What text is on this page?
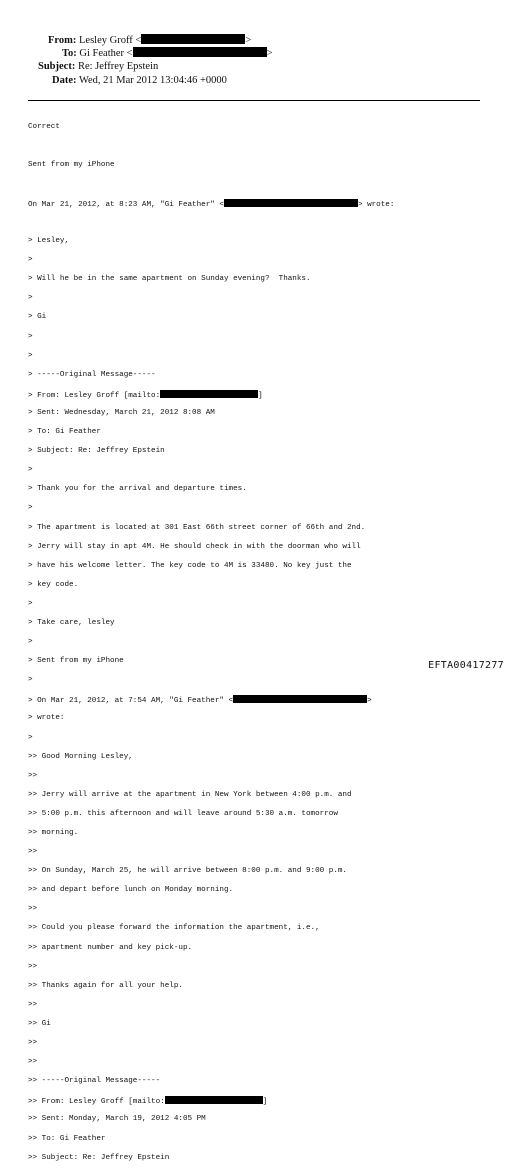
From: Lesley Groff <	>
To: Gi Feather <	>
Subject: Re: Jeffrey Epstein
Date: Wed, 21 Mar 2012 13:04:46 +0000

Correct

Sent from my iPhone

On Mar 21, 2012, at 8:23 AM, "Gi Feather" <	> wrote:

> Lesley,

>

> Will he be in the same apartment on Sunday evening?  Thanks.

>

> Gi

>

>

> -----Original Message-----

> From: Lesley Groff [mailto:	]

> Sent: Wednesday, March 21, 2012 8:08 AM

> To: Gi Feather

> Subject: Re: Jeffrey Epstein

>

> Thank you for the arrival and departure times.

>

> The apartment is located at 301 East 66th street corner of 66th and 2nd.

> Jerry will stay in apt 4M. He should check in with the doorman who will

> have his welcome letter. The key code to 4M is 33480. No key just the

> key code.

>

> Take care, lesley

>

> Sent from my iPhone

>

> On Mar 21, 2012, at 7:54 AM, "Gi Feather" <	>

> wrote:

>

>> Good Morning Lesley,

>>

>> Jerry will arrive at the apartment in New York between 4:00 p.m. and

>> 5:00 p.m. this afternoon and will leave around 5:30 a.m. tomorrow

>> morning.

>>

>> On Sunday, March 25, he will arrive between 8:00 p.m. and 9:00 p.m.

>> and depart before lunch on Monday morning.

>>

>> Could you please forward the information the apartment, i.e.,

>> apartment number and key pick-up.

>>

>> Thanks again for all your help.

>>

>> Gi

>>

>>

>> -----Original Message-----

>> From: Lesley Groff [mailto:	]

>> Sent: Monday, March 19, 2012 4:05 PM

>> To: Gi Feather

>> Subject: Re: Jeffrey Epstein

EFTA00417277
